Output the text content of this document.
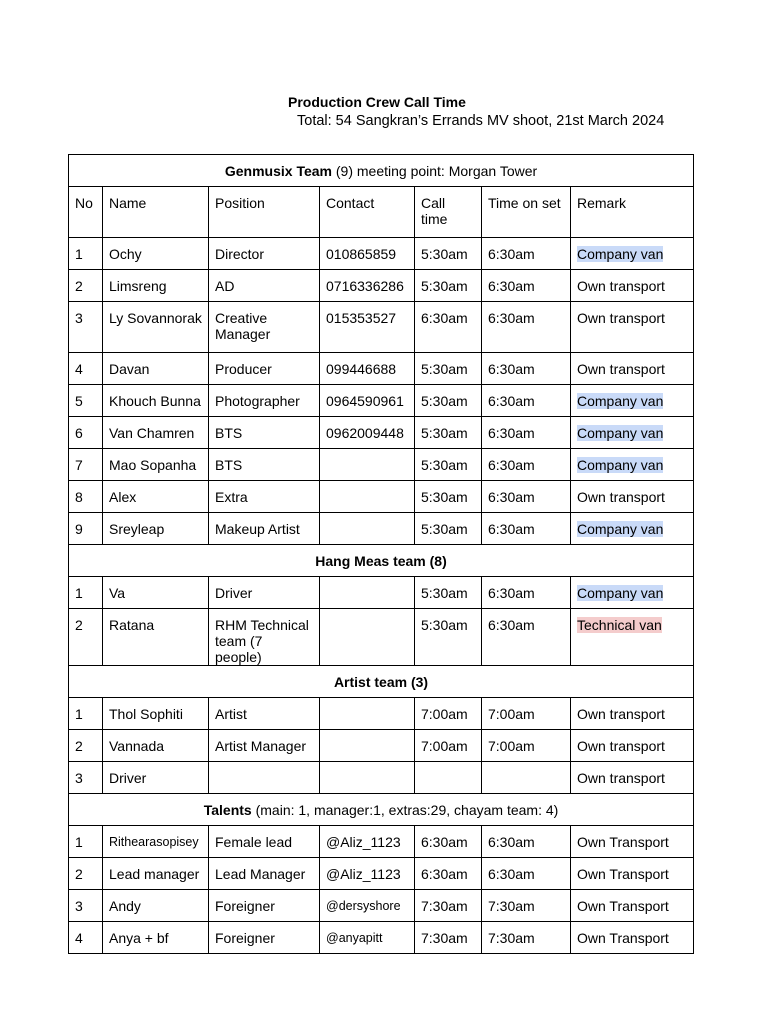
Production Crew Call Time
Total: 54 Sangkran’s Errands MV shoot, 21st March 2024
Genmusix Team (9) meeting point: Morgan Tower						
No	Name	Position	Contact	Call time	Time on set	Remark
1	Ochy	Director	010865859	5:30am	6:30am	Company van
2	Limsreng	AD	0716336286	5:30am	6:30am	Own transport
3	Ly Sovannorak	Creative Manager	015353527	6:30am	6:30am	Own transport
4	Davan	Producer	099446688	5:30am	6:30am	Own transport
5	Khouch Bunna	Photographer	0964590961	5:30am	6:30am	Company van
6	Van Chamren	BTS	0962009448	5:30am	6:30am	Company van
7	Mao Sopanha	BTS		5:30am	6:30am	Company van
8	Alex	Extra		5:30am	6:30am	Own transport
9	Sreyleap	Makeup Artist		5:30am	6:30am	Company van
Hang Meas team (8)						
1	Va	Driver		5:30am	6:30am	Company van
2	Ratana	RHM Technical team (7 people)		5:30am	6:30am	Technical van
Artist team (3)						
1	Thol Sophiti	Artist		7:00am	7:00am	Own transport
2	Vannada	Artist Manager		7:00am	7:00am	Own transport
3	Driver					Own transport
Talents (main: 1, manager:1, extras:29, chayam team: 4)						
1	Rithearasopisey	Female lead	@Aliz_1123	6:30am	6:30am	Own Transport
2	Lead manager	Lead Manager	@Aliz_1123	6:30am	6:30am	Own Transport
3	Andy	Foreigner	@dersyshore	7:30am	7:30am	Own Transport
4	Anya + bf	Foreigner	@anyapitt	7:30am	7:30am	Own Transport
